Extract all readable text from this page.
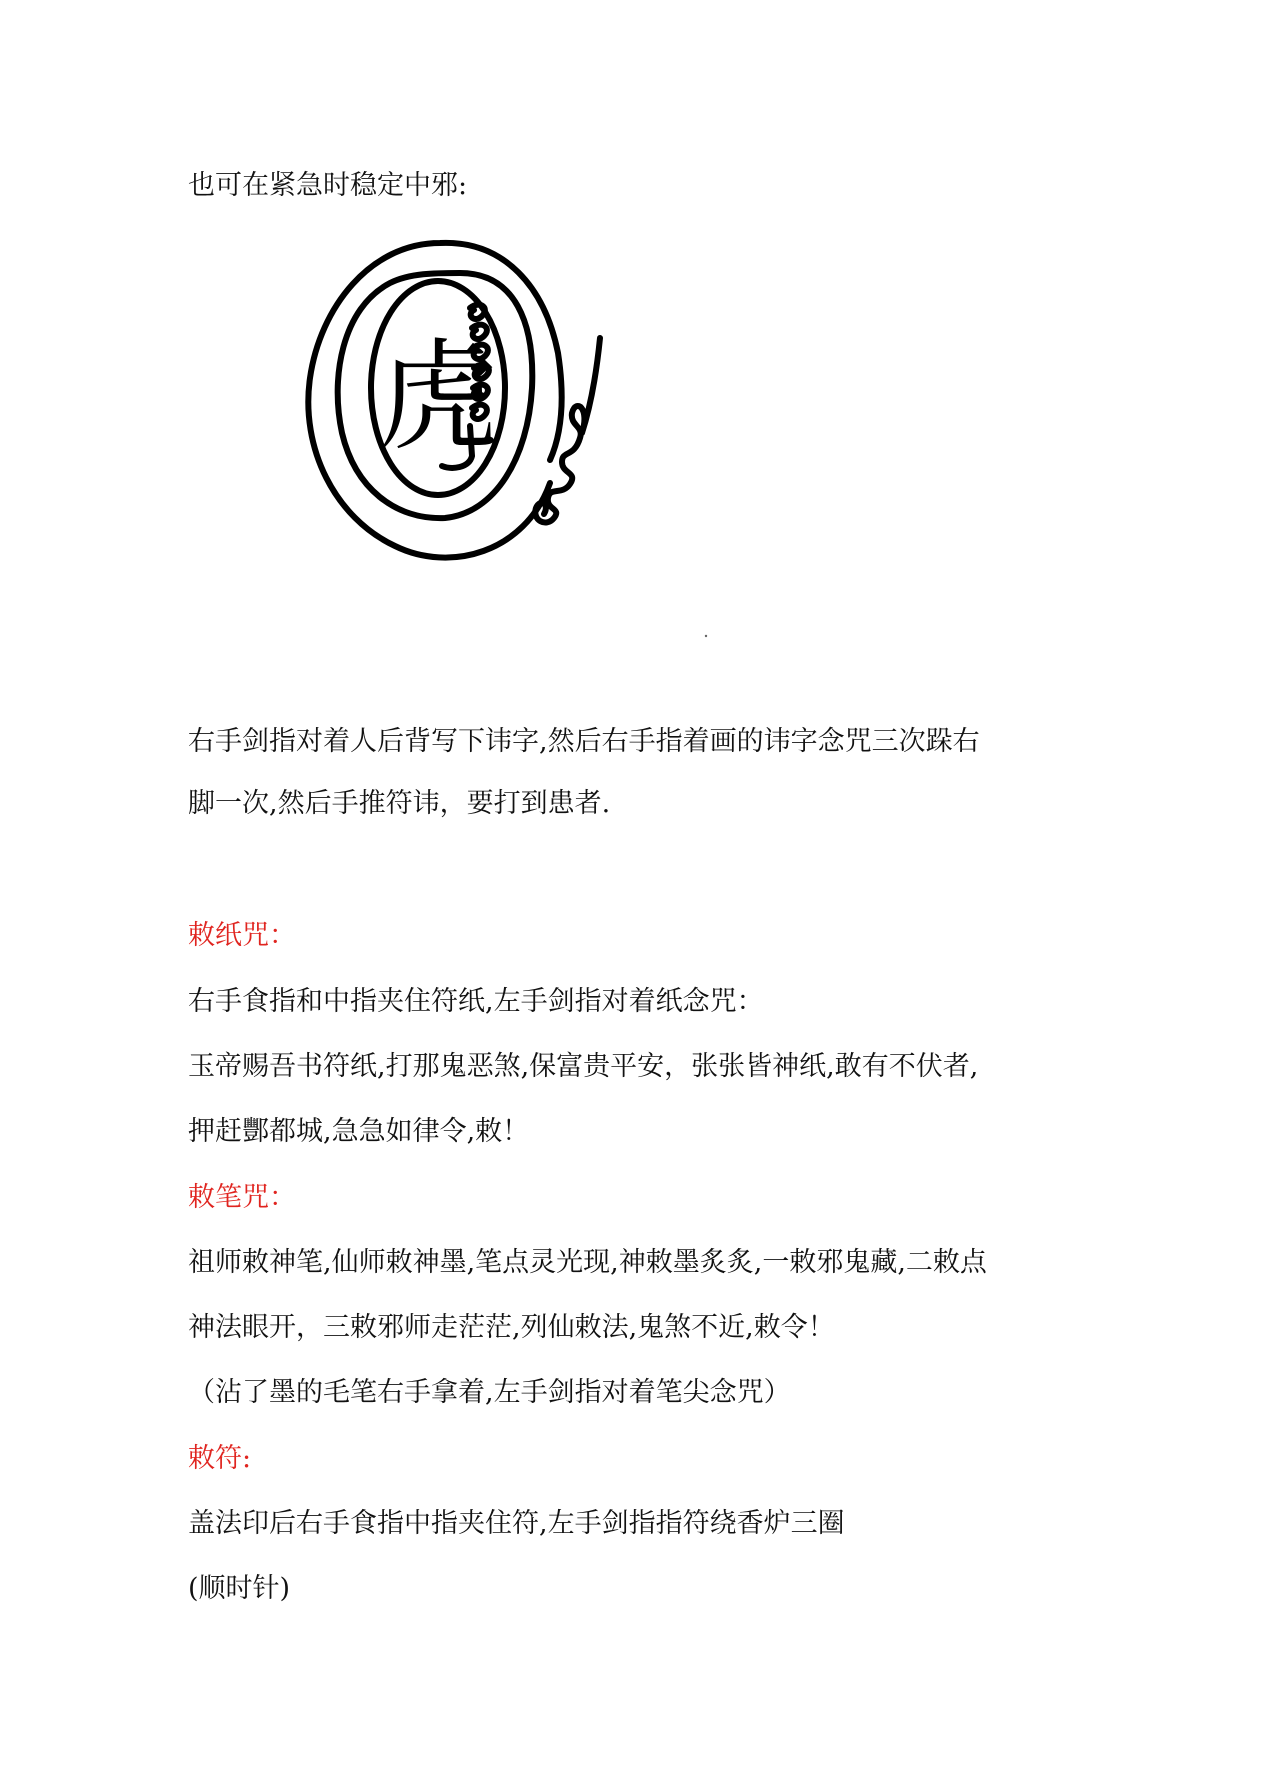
也可在紧急时稳定中邪:

虎

右手剑指对着人后背写下讳字,然后右手指着画的讳字念咒三次跺右

脚一次,然后手推符讳，要打到患者.

敕纸咒：

右手食指和中指夹住符纸,左手剑指对着纸念咒：

玉帝赐吾书符纸,打那鬼恶煞,保富贵平安，张张皆神纸,敢有不伏者,

押赶酆都城,急急如律令,敕！

敕笔咒：

祖师敕神笔,仙师敕神墨,笔点灵光现,神敕墨炙炙,一敕邪鬼藏,二敕点

神法眼开，三敕邪师走茫茫,列仙敕法,鬼煞不近,敕令！

（沾了墨的毛笔右手拿着,左手剑指对着笔尖念咒）

敕符:

盖法印后右手食指中指夹住符,左手剑指指符绕香炉三圈

(顺时针)
